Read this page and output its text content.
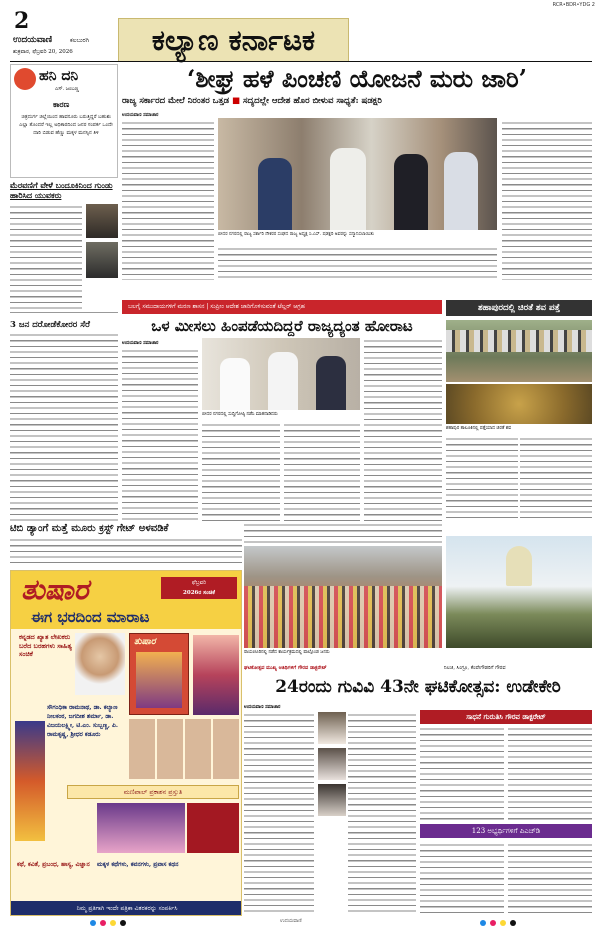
2
ಉದಯವಾಣಿ	ಕಲಬುರಗಿ
ಶುಕ್ರವಾರ, ಫೆಬ್ರವರಿ 20, 2026	ಕಲ್ಯಾಣ ಕರ್ನಾಟಕ
RCR•BDR•YDG 2
ಹನಿ ದನಿ
ಎಸ್. ಜಂಬಣ್ಣ
ಕಾರಣ
ಚಿತ್ರದುರ್ಗ ಜಿಲ್ಲೆಯಿಂದ ಹಾವನೂರು ಬರುತ್ತಿದ್ದರೆ ಬಹುಶಃ ಎಲ್ಲಾ ತೊಂದರೆ ಇಲ್ಲ ಅಧಿಕಾರದಿಂದ ಜನರ ಸಂಪರ್ಕ ಒಂದೇ ದಾರಿ ಬಿಡುವ ಹೆಣ್ಣು ಮಕ್ಕಳ ಮನಸ್ಸಿನ ತಿಳಿ
ಮೆರವಣಿಗೆ ವೇಳೆ ಬಂದೂಕಿನಿಂದ ಗುಂಡು ಹಾರಿಸಿದ ಯುವಕರು
3 ಜನ ದರೋಡೆಕೋರರ ಸೆರೆ
‘ಶೀಘ್ರ ಹಳೆ ಪಿಂಚಣಿ ಯೋಜನೆ ಮರು ಜಾರಿ’
ರಾಜ್ಯ ಸರ್ಕಾರದ ಮೇಲೆ ನಿರಂತರ ಒತ್ತಡ ■ ಸದ್ಯದಲ್ಲೇ ಆದೇಶ ಹೊರ ಬೀಳುವ ಸಾಧ್ಯತೆ: ಷಡಕ್ಷರಿ
ಉದಯವಾಣಿ ಸಮಾಚಾರ
ಬೀದರ ನಗರದಲ್ಲಿ ರಾಜ್ಯ ಸರ್ಕಾರಿ ನೌಕರರ ಸಂಘದ ರಾಜ್ಯ ಅಧ್ಯಕ್ಷ ಸಿ.ಎಸ್. ಷಡಕ್ಷರಿ ಅವರನ್ನು ಸನ್ಮಾನಿಸಲಾಯಿತು
ಬಲಗೈ ಸಮುದಾಯಗಳಿಗೆ ಮರಣ ಶಾಸನ | ಸುಪ್ರೀಂ ಆದೇಶ ಜಾರಿಗೊಳಿಸುವಂತೆ ಟೆಲ್ಲರ್ ಆಗ್ರಹ
ಒಳ ಮೀಸಲು ಹಿಂಪಡೆಯದಿದ್ದರೆ ರಾಜ್ಯದ್ಯಂತ ಹೋರಾಟ
ಉದಯವಾಣಿ ಸಮಾಚಾರ
ಬೀದರ ನಗರದಲ್ಲಿ ಸುದ್ದಿಗೋಷ್ಠಿ ನಡೆಸಿ ಮಾತನಾಡಿದರು
ಶಹಾಪುರದಲ್ಲಿ ಚಿರತೆ ಶವ ಪತ್ತೆ
ಶಹಾಪುರ ತಾಲೂಕಿನಲ್ಲಿ ಪತ್ತೆಯಾದ ಚಿರತೆ ಶವ
ಟಿಬಿ ಡ್ಯಾಂಗೆ ಮತ್ತೆ ಮೂರು ಕ್ರಸ್ಟ್ ಗೇಟ್ ಅಳವಡಿಕೆ
ರಾಯಚೂರಿನಲ್ಲಿ ನಡೆದ ಕಾರ್ಯಕ್ರಮದಲ್ಲಿ ಪಾಲ್ಗೊಂಡ ಜನರು
ತುಷಾರ	ಫೆಬ್ರವರಿ
2026ರ ಸಂಚಿಕೆ
ಈಗ ಭರದಿಂದ ಮಾರಾಟ
ಕನ್ನಡದ ಖ್ಯಾತ ಲೇಖಕರು ಬರೆದ ಬರಹಗಳು ಸಾಹಿತ್ಯ ಸಂಚಿಕೆ
ತುಷಾರ
ಸೌಗಂಧಿಕಾ ರಾಮನಾಥ, ಡಾ. ಕಲ್ಯಾಣ ನೀಲಕಂಠ, ಜಗದೀಶ ಶರ್ಮಾ, ಡಾ. ವಿಜಯಲಕ್ಷ್ಮೀ, ಟಿ.ಎಂ. ಸುಬ್ಬಣ್ಣ, ಪಿ. ರಾಮಕೃಷ್ಣ, ಶ್ರೀಧರ ಕಡೂರು
ಮಣಿಪಾಲ್ ಪ್ರಕಾಶನ ಪ್ರಸ್ತುತಿ
ಕಥೆ, ಕವಿತೆ, ಪ್ರಬಂಧ, ಹಾಸ್ಯ, ವಿಜ್ಞಾನ	ಮಕ್ಕಳ ಕಥೆಗಳು, ಕವನಗಳು, ಪ್ರವಾಸ ಕಥನ
ನಿಮ್ಮ ಪ್ರತಿಗಾಗಿ ಇಂದೇ ಪತ್ರಿಕಾ ವಿತರಕರನ್ನು ಸಂಪರ್ಕಿಸಿ
ಘಟಿಕೋತ್ಸವ ಮುಖ್ಯ ಅತಿಥಿಗಳಿಗೆ ಗೌರವ ಡಾಕ್ಟರೇಟ್	ನಿಲಜಿ, ಸಿಂಗ್ರೂ, ಕೆಂಪೇಗೌಡರಿಗೆ ಗೌರವ
24ರಂದು ಗುವಿವಿ 43ನೇ ಘಟಿಕೋತ್ಸವ: ಉಡೇಕೇರಿ
ಉದಯವಾಣಿ ಸಮಾಚಾರ
ಸಾಧನೆ ಗುರುತಿಸಿ ಗೌರವ ಡಾಕ್ಟರೇಟ್
123 ಅಭ್ಯರ್ಥಿಗಳಿಗೆ ಪಿಎಚ್‌ಡಿ
ಉದಯವಾಣಿ
